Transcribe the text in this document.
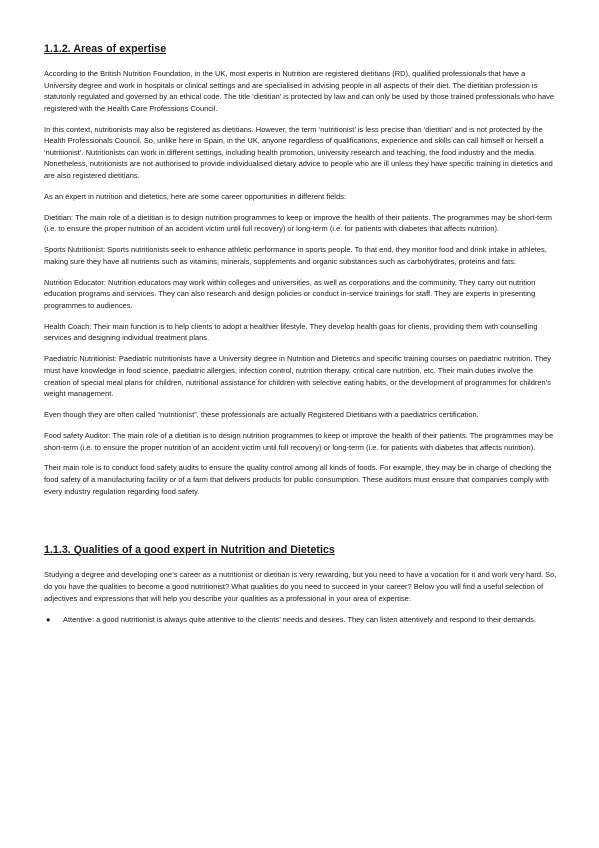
1.1.2. Areas of expertise

According to the British Nutrition Foundation, in the UK, most experts in Nutrition are registered dietitians (RD), qualified professionals that have a University degree and work in hospitals or clinical settings and are specialised in advising people in all aspects of their diet. The dietitian profession is statutorily regulated and governed by an ethical code. The title ‘dietitian’ is protected by law and can only be used by those trained professionals who have registered with the Health Care Professions Council.

In this context, nutritionists may also be registered as dietitians. However, the term ‘nutritionist’ is less precise than ‘dietitian’ and is not protected by the Health Professionals Council. So, unlike here in Spain, in the UK, anyone regardless of qualifications, experience and skills can call himself or herself a ‘nutritionist’. Nutritionists can work in different settings, including health promotion, university research and teaching, the food industry and the media. Nonetheless, nutritionists are not authorised to provide individualised dietary advice to people who are ill unless they have specific training in dietetics and are also registered dietitians.

As an expert in nutrition and dietetics, here are some career opportunities in different fields:

Dietitian: The main role of a dietitian is to design nutrition programmes to keep or improve the health of their patients. The programmes may be short-term (i.e. to ensure the proper nutrition of an accident victim until full recovery) or long-term (i.e. for patients with diabetes that affects nutrition).

Sports Nutritionist: Sports nutritionists seek to enhance athletic performance in sports people. To that end, they monitor food and drink intake in athletes, making sure they have all nutrients such as vitamins, minerals, supplements and organic substances such as carbohydrates, proteins and fats.

Nutrition Educator: Nutrition educators may work within colleges and universities, as well as corporations and the community. They carry out nutrition education programs and services. They can also research and design policies or conduct in-service trainings for staff. They are experts in presenting programmes to audiences.

Health Coach: Their main function is to help clients to adopt a healthier lifestyle. They develop health goas for clients, providing them with counselling services and designing individual treatment plans.

Paediatric Nutritionist: Paediatric nutritionists have a University degree in Nutrition and Dietetics and specific training courses on paediatric nutrition. They must have knowledge in food science, paediatric allergies, infection control, nutrition therapy, critical care nutrition, etc. Their main duties involve the creation of special meal plans for children, nutritional assistance for children with selective eating habits, or the development of programmes for children’s weight management.

Even though they are often called “nutritionist”, these professionals are actually Registered Dietitians with a paediatrics certification.

Food safety Auditor: The main role of a dietitian is to design nutrition programmes to keep or improve the health of their patients. The programmes may be short-term (i.e. to ensure the proper nutrition of an accident victim until full recovery) or long-term (i.e. for patients with diabetes that affects nutrition).

Their main role is to conduct food safety audits to ensure the quality control among all kinds of foods. For example, they may be in charge of checking the food safety of a manufacturing facility or of a farm that delivers products for public consumption. These auditors must ensure that companies comply with every industry regulation regarding food safety.

1.1.3. Qualities of a good expert in Nutrition and Dietetics

Studying a degree and developing one’s career as a nutritionist or dietitian is very rewarding, but you need to have a vocation for it and work very hard. So, do you have the qualities to become a good nutritionist? What qualities do you need to succeed in your career? Below you will find a useful selection of adjectives and expressions that will help you describe your qualities as a professional in your area of expertise:

● Attentive: a good nutritionist is always quite attentive to the clients’ needs and desires. They can listen attentively and respond to their demands.
